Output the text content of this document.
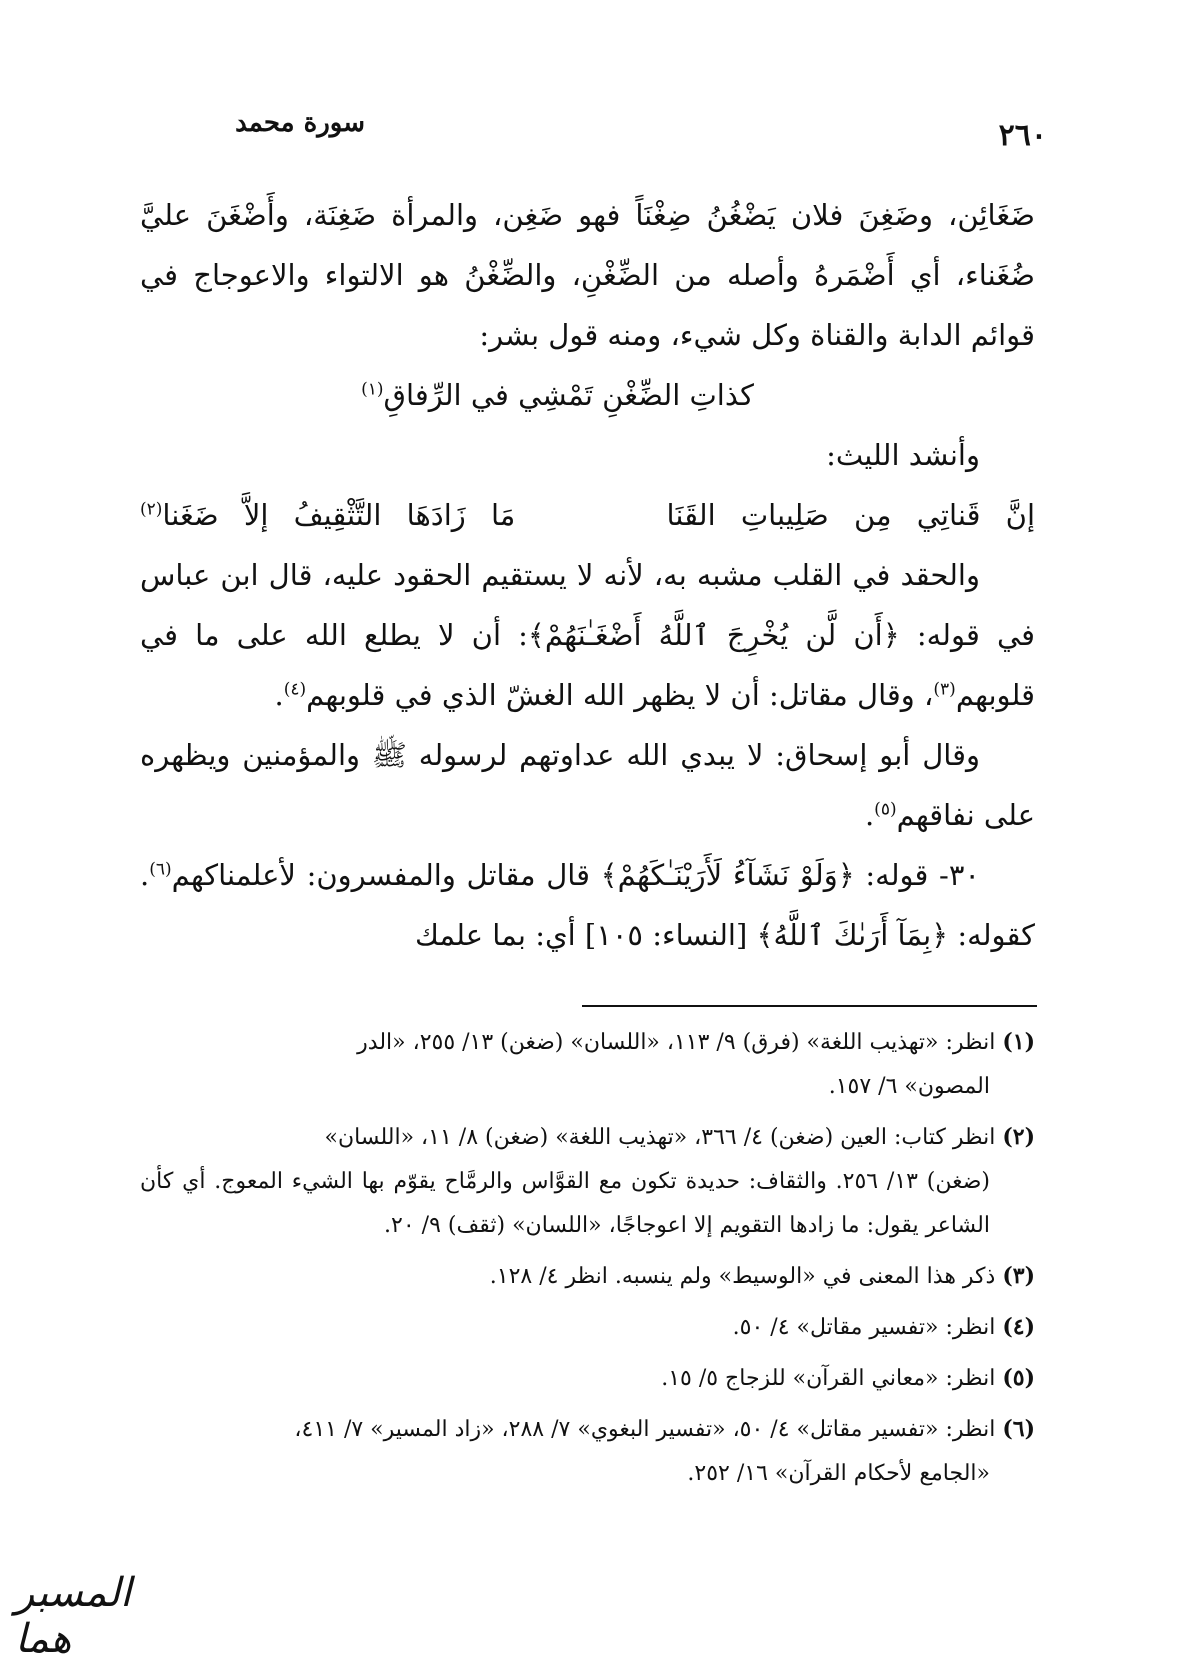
سورة محمد	٢٦٠

ضَغَائِن، وضَغِنَ فلان يَضْغُنُ ضِغْنَاً فهو ضَغِن، والمرأة ضَغِنَة، وأَضْغَنَ عليَّ ضُغَناء، أي أَضْمَرهُ وأصله من الضِّغْنِ، والضِّغْنُ هو الالتواء والاعوجاج في قوائم الدابة والقناة وكل شيء، ومنه قول بشر:

كذاتِ الضِّغْنِ تَمْشِي في الرِّفاقِ$^{(١)}$

وأنشد الليث:

إنَّ قَناتِي مِن صَلِيباتِ القَنَا      مَا زَادَهَا التَّثْقِيفُ إلاَّ ضَغَنا$^{(٢)}$

والحقد في القلب مشبه به، لأنه لا يستقيم الحقود عليه، قال ابن عباس في قوله: ﴿أَن لَّن يُخْرِجَ ٱللَّهُ أَضْغَـٰنَهُمْ﴾: أن لا يطلع الله على ما في قلوبهم$^{(٣)}$، وقال مقاتل: أن لا يظهر الله الغشّ الذي في قلوبهم$^{(٤)}$.

وقال أبو إسحاق: لا يبدي الله عداوتهم لرسوله ﷺ والمؤمنين ويظهره على نفاقهم$^{(٥)}$.

٣٠- قوله: ﴿وَلَوْ نَشَآءُ لَأَرَيْنَـٰكَهُمْ﴾ قال مقاتل والمفسرون: لأعلمناكهم$^{(٦)}$. كقوله: ﴿بِمَآ أَرَىٰكَ ٱللَّهُ﴾ [النساء: ١٠٥] أي: بما علمك

(١) انظر: «تهذيب اللغة» (فرق) ٩/ ١١٣، «اللسان» (ضغن) ١٣/ ٢٥٥، «الدر
المصون» ٦/ ١٥٧.
(٢) انظر كتاب: العين (ضغن) ٤/ ٣٦٦، «تهذيب اللغة» (ضغن) ٨/ ١١، «اللسان»
(ضغن) ١٣/ ٢٥٦. والثقاف: حديدة تكون مع القوَّاس والرمَّاح يقوّم بها الشيء المعوج. أي كأن الشاعر يقول: ما زادها التقويم إلا اعوجاجًا، «اللسان» (ثقف) ٩/ ٢٠.
(٣) ذكر هذا المعنى في «الوسيط» ولم ينسبه. انظر ٤/ ١٢٨.
(٤) انظر: «تفسير مقاتل» ٤/ ٥٠.
(٥) انظر: «معاني القرآن» للزجاج ٥/ ١٥.
(٦) انظر: «تفسير مقاتل» ٤/ ٥٠، «تفسير البغوي» ٧/ ٢٨٨، «زاد المسير» ٧/ ٤١١،
«الجامع لأحكام القرآن» ١٦/ ٢٥٢.
المسبر هما
